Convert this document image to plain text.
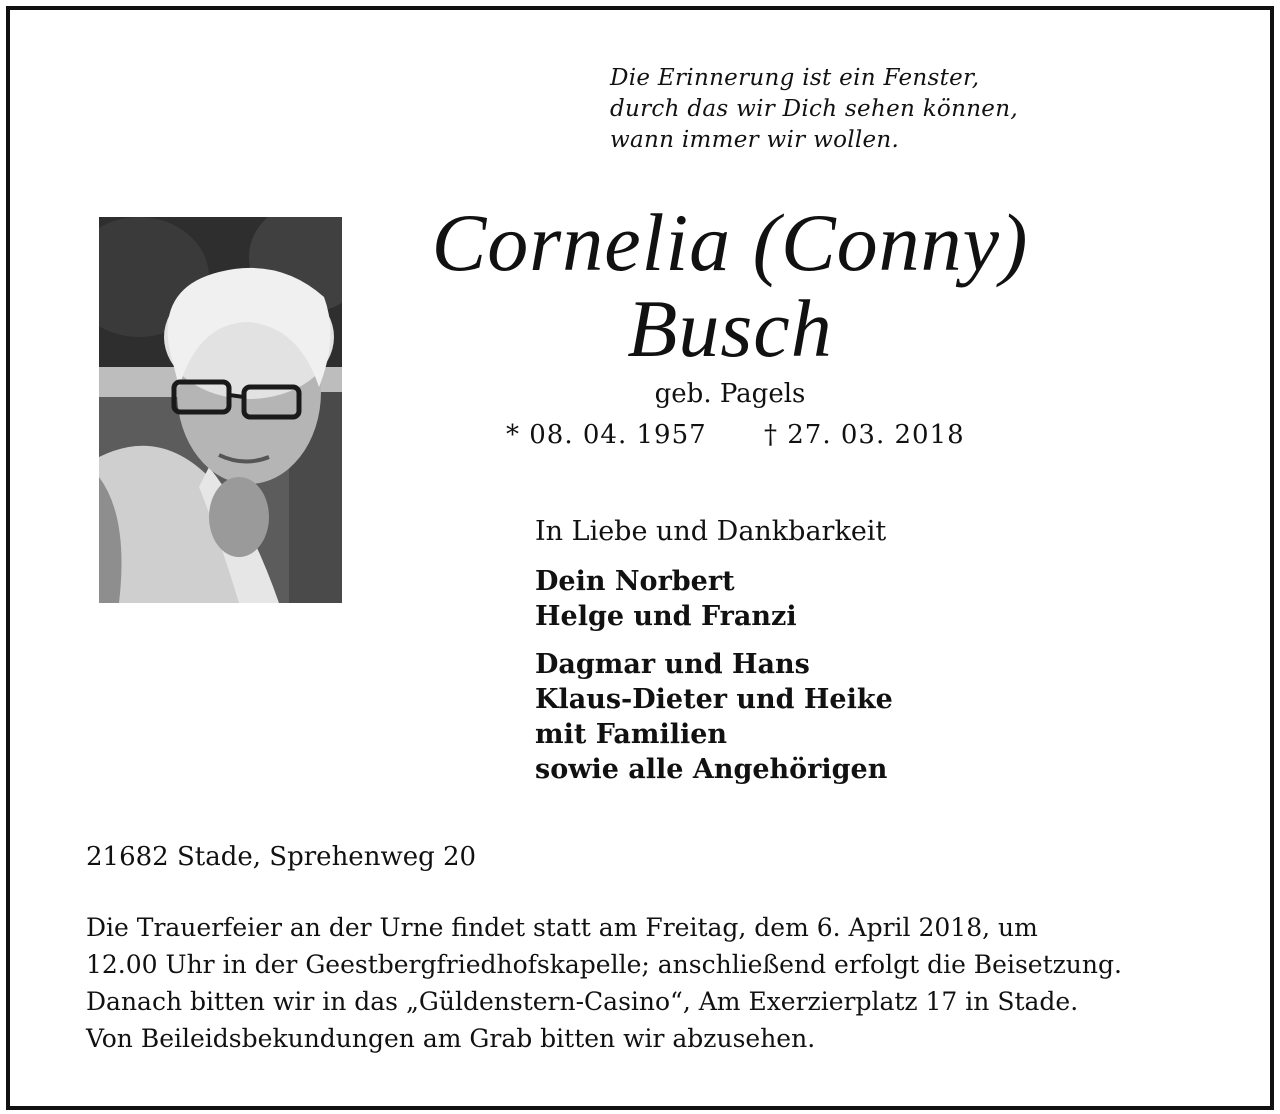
Die Erinnerung ist ein Fenster,
durch das wir Dich sehen können,
wann immer wir wollen.
Cornelia (Conny)
Busch
geb. Pagels
* 08. 04. 1957 † 27. 03. 2018
In Liebe und Dankbarkeit
Dein Norbert
Helge und Franzi
Dagmar und Hans
Klaus-Dieter und Heike
mit Familien
sowie alle Angehörigen
21682 Stade, Sprehenweg 20
Die Trauerfeier an der Urne findet statt am Freitag, dem 6. April 2018, um
12.00 Uhr in der Geestbergfriedhofskapelle; anschließend erfolgt die Beisetzung.
Danach bitten wir in das „Güldenstern-Casino“, Am Exerzierplatz 17 in Stade.
Von Beileidsbekundungen am Grab bitten wir abzusehen.
